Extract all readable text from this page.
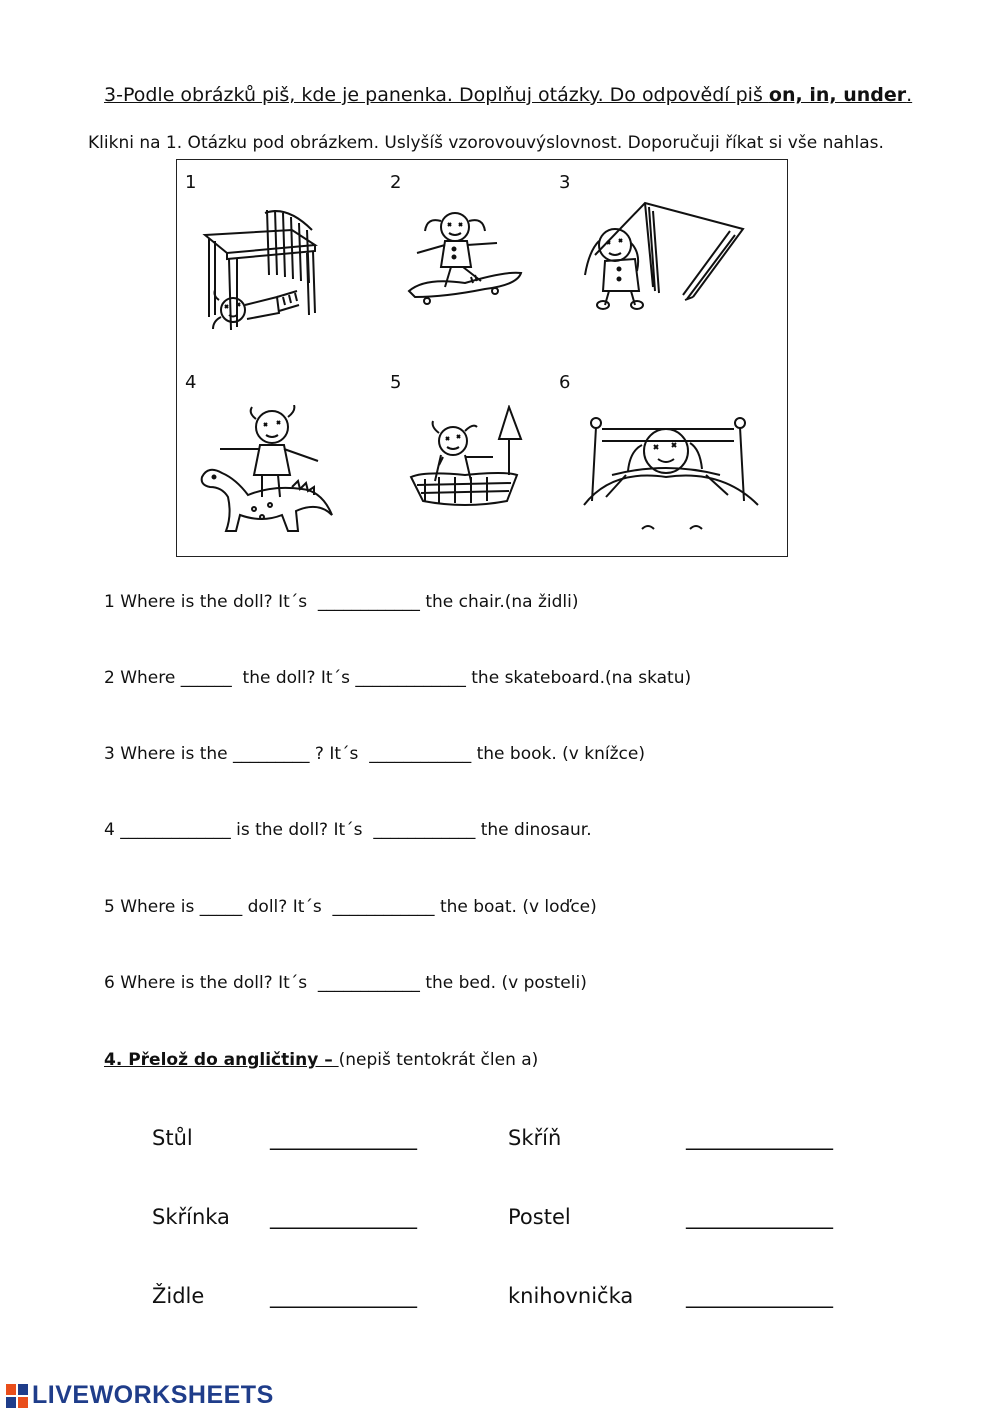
3-Podle obrázků piš, kde je panenka. Doplňuj otázky. Do odpovědí piš on, in, under.
Klikni na 1. Otázku pod obrázkem. Uslyšíš vzorovouvýslovnost. Doporučuji říkat si vše nahlas.
1	2	3
4	5	6
1 Where is the doll? It´s  ____________ the chair.(na židli)
2 Where ______  the doll? It´s _____________ the skateboard.(na skatu)
3 Where is the _________ ? It´s  ____________ the book. (v knížce)
4 _____________ is the doll? It´s  ____________ the dinosaur.
5 Where is _____ doll? It´s  ____________ the boat. (v loďce)
6 Where is the doll? It´s  ____________ the bed. (v posteli)
4. Přelož do angličtiny – (nepiš tentokrát člen a)
Stůl	______________	Skříň	______________
Skřínka ______________	Postel	______________
Židle	______________	knihovnička	______________
LIVEWORKSHEETS
